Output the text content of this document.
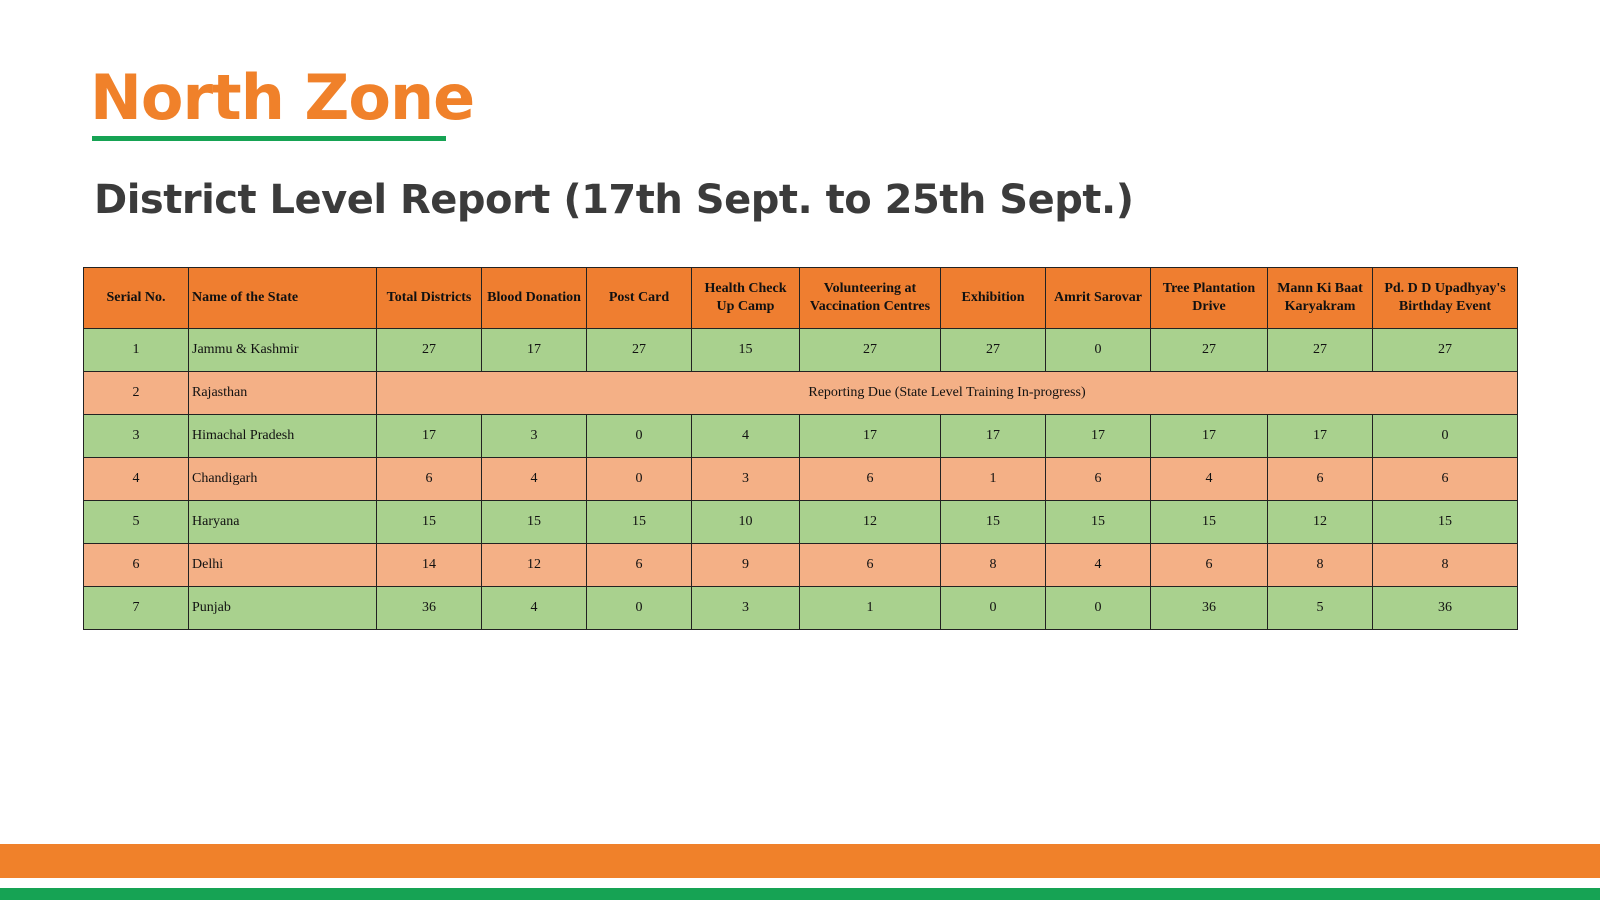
North Zone
District Level Report (17th Sept. to 25th Sept.)
Serial No.	Name of the State	Total Districts	Blood Donation	Post Card	Health Check Up Camp	Volunteering at Vaccination Centres	Exhibition	Amrit Sarovar	Tree Plantation Drive	Mann Ki Baat Karyakram	Pd. D D Upadhyay's Birthday Event
1	Jammu & Kashmir	27	17	27	15	27	27	0	27	27	27
2	Rajasthan	Reporting Due (State Level Training In-progress)									
3	Himachal Pradesh	17	3	0	4	17	17	17	17	17	0
4	Chandigarh	6	4	0	3	6	1	6	4	6	6
5	Haryana	15	15	15	10	12	15	15	15	12	15
6	Delhi	14	12	6	9	6	8	4	6	8	8
7	Punjab	36	4	0	3	1	0	0	36	5	36
